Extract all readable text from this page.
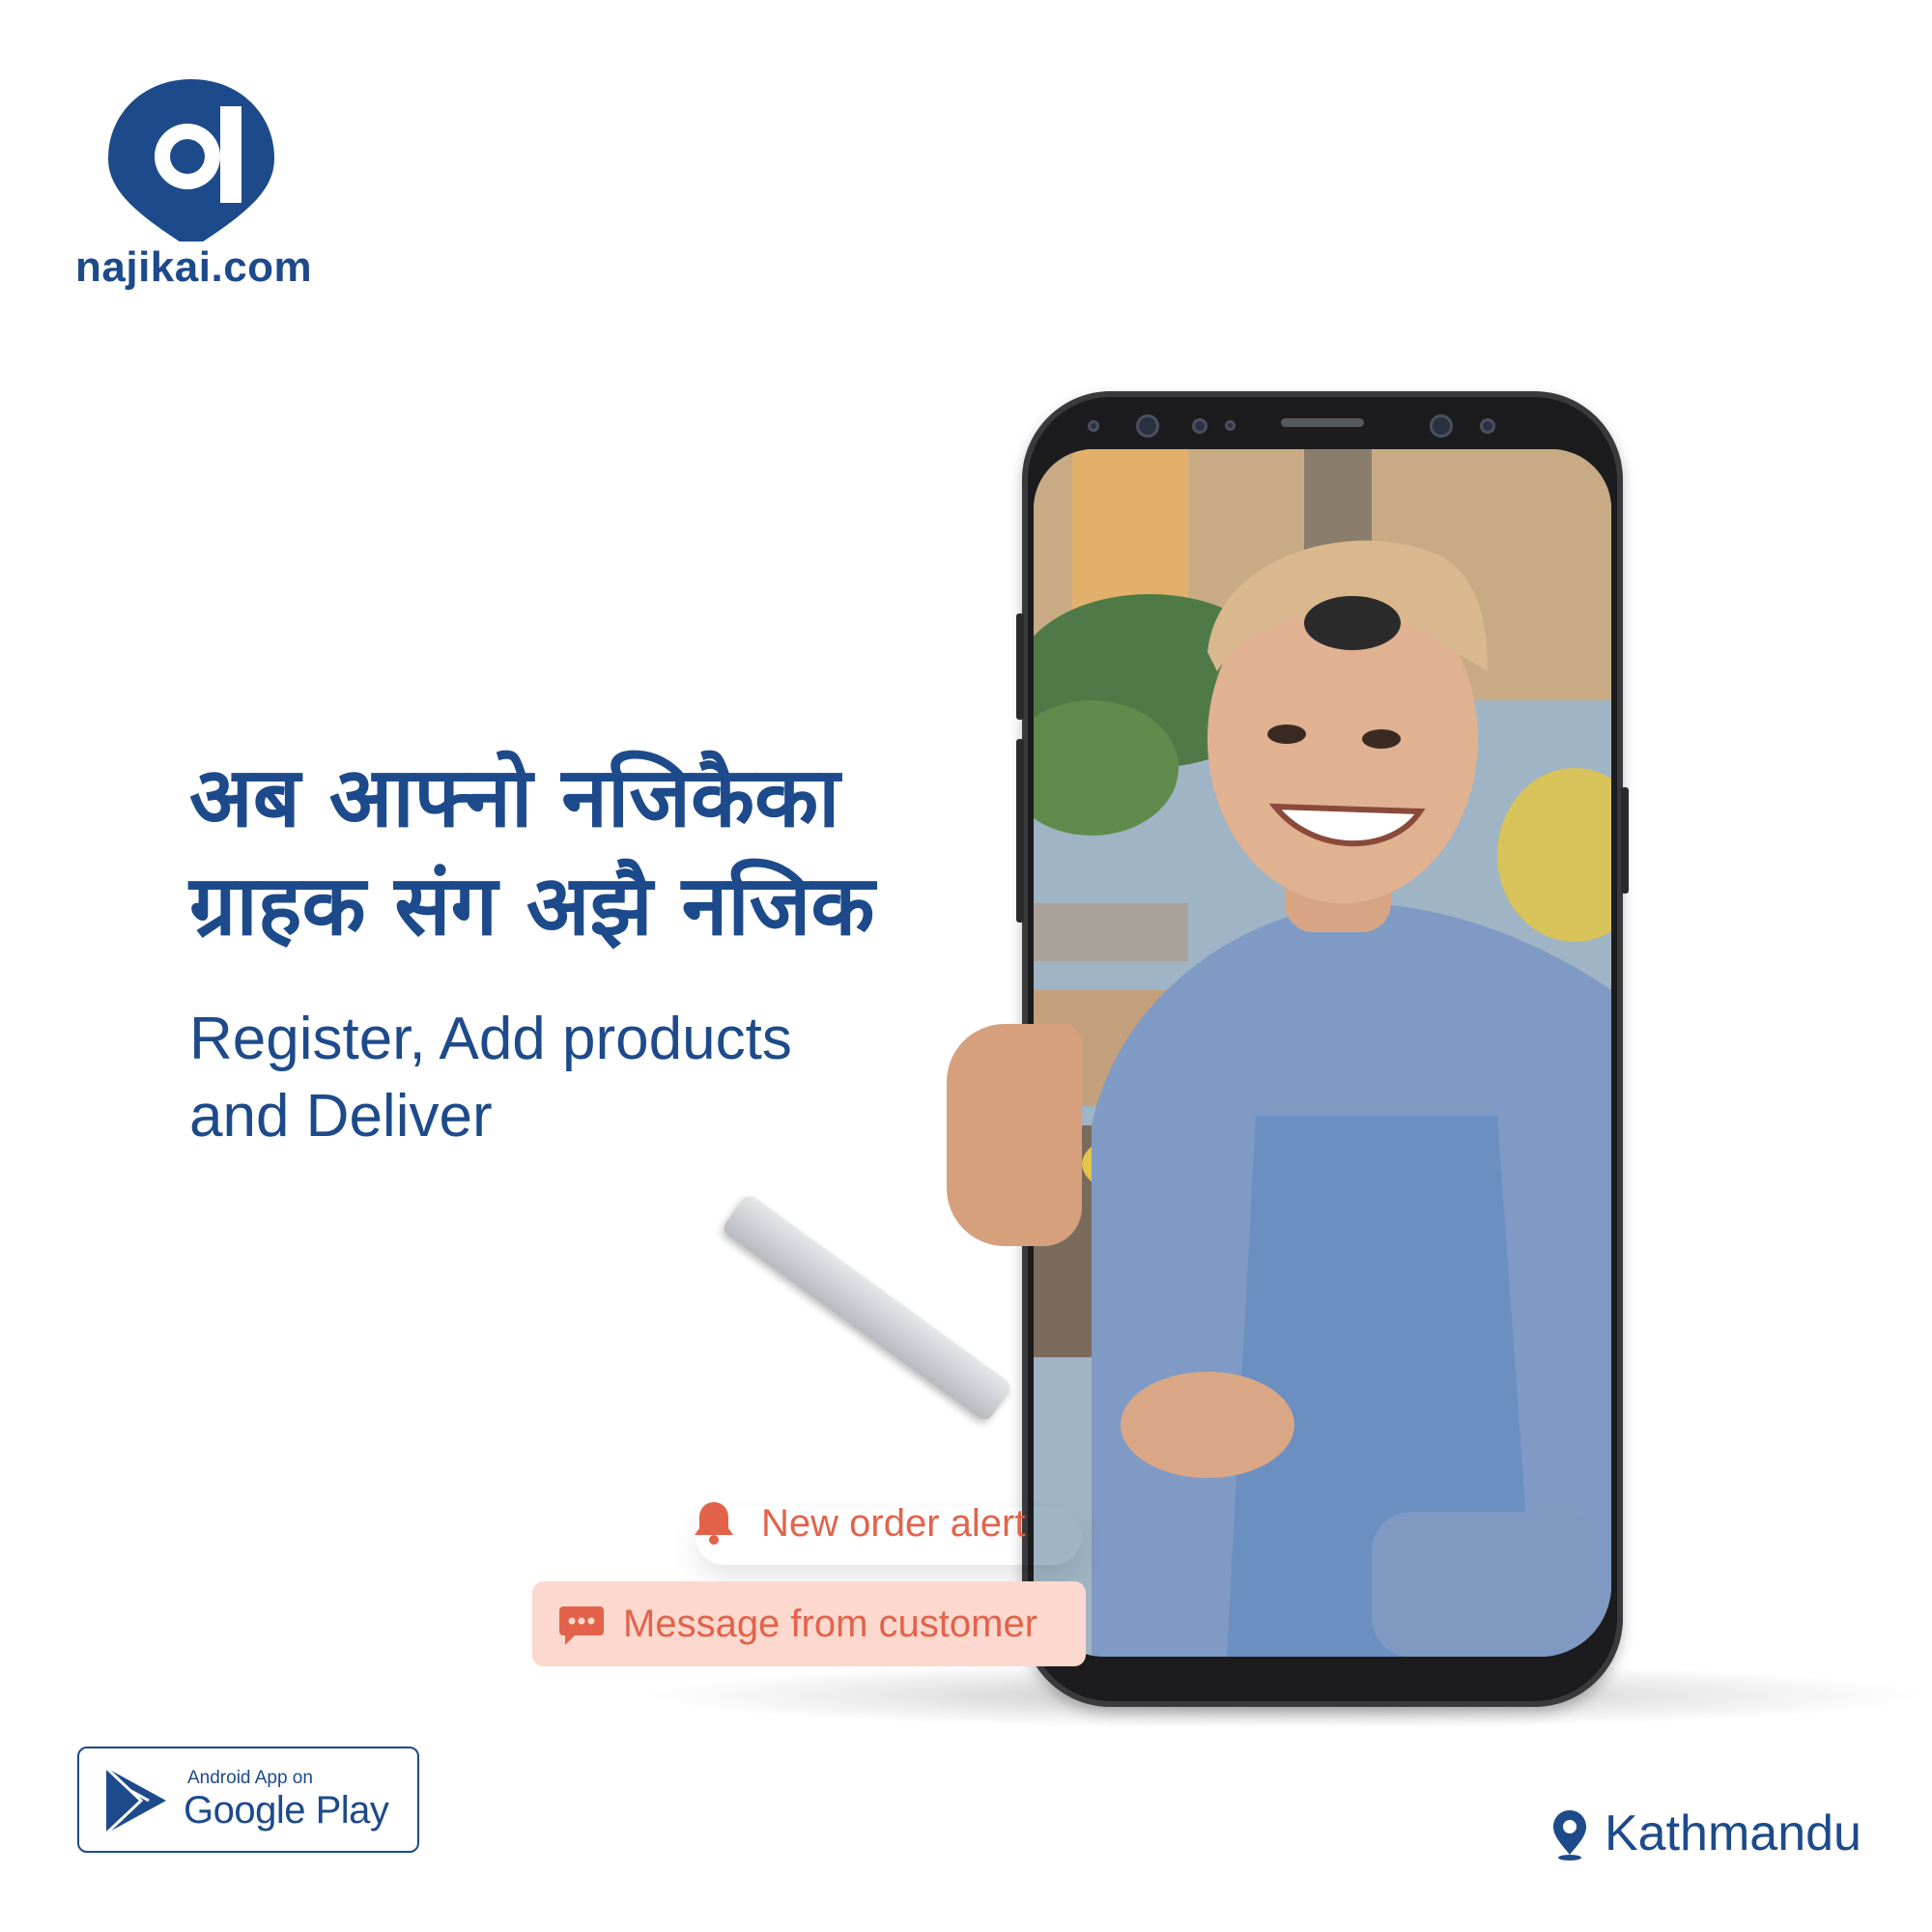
najikai.com
अब आफ्नो नजिकैका
ग्राहक संग अझै नजिक
Register, Add products
and Deliver
New order alert
Message from customer
Android App on
Google Play	Kathmandu
